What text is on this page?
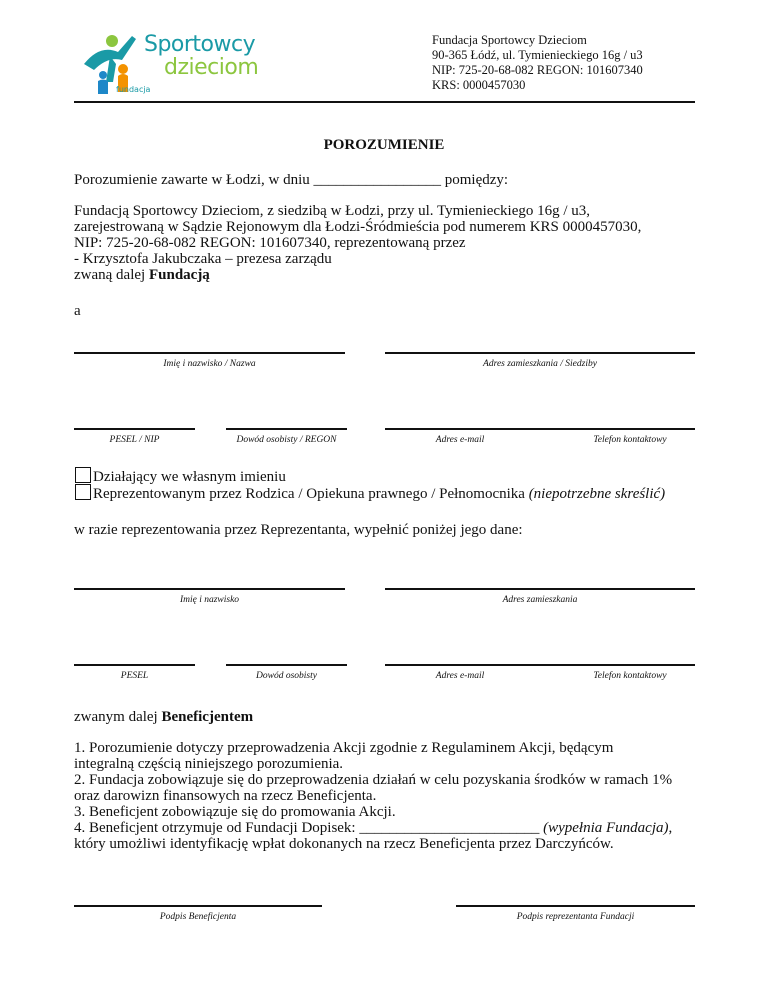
Sportowcy
dzieciom
fundacja
Fundacja Sportowcy Dzieciom
90-365 Łódź, ul. Tymienieckiego 16g / u3
NIP: 725-20-68-082 REGON: 101607340
KRS: 0000457030
POROZUMIENIE
Porozumienie zawarte w Łodzi, w dniu _________________ pomiędzy:
Fundacją Sportowcy Dzieciom, z siedzibą w Łodzi, przy ul. Tymienieckiego 16g / u3,
zarejestrowaną w Sądzie Rejonowym dla Łodzi-Śródmieścia pod numerem KRS 0000457030,
NIP: 725-20-68-082 REGON: 101607340, reprezentowaną przez
- Krzysztofa Jakubczaka – prezesa zarządu
zwaną dalej Fundacją
a
Imię i nazwisko / Nazwa	Adres zamieszkania / Siedziby
PESEL / NIP	Dowód osobisty / REGON	Adres e-mail	Telefon kontaktowy
Działający we własnym imieniu
Reprezentowanym przez Rodzica / Opiekuna prawnego / Pełnomocnika (niepotrzebne skreślić)
w razie reprezentowania przez Reprezentanta, wypełnić poniżej jego dane:
Imię i nazwisko	Adres zamieszkania
PESEL	Dowód osobisty	Adres e-mail	Telefon kontaktowy
zwanym dalej Beneficjentem
1. Porozumienie dotyczy przeprowadzenia Akcji zgodnie z Regulaminem Akcji, będącym
integralną częścią niniejszego porozumienia.
2. Fundacja zobowiązuje się do przeprowadzenia działań w celu pozyskania środków w ramach 1%
oraz darowizn finansowych na rzecz Beneficjenta.
3. Beneficjent zobowiązuje się do promowania Akcji.
4. Beneficjent otrzymuje od Fundacji Dopisek: ________________________ (wypełnia Fundacja),
który umożliwi identyfikację wpłat dokonanych na rzecz Beneficjenta przez Darczyńców.
Podpis Beneficjenta	Podpis reprezentanta Fundacji
